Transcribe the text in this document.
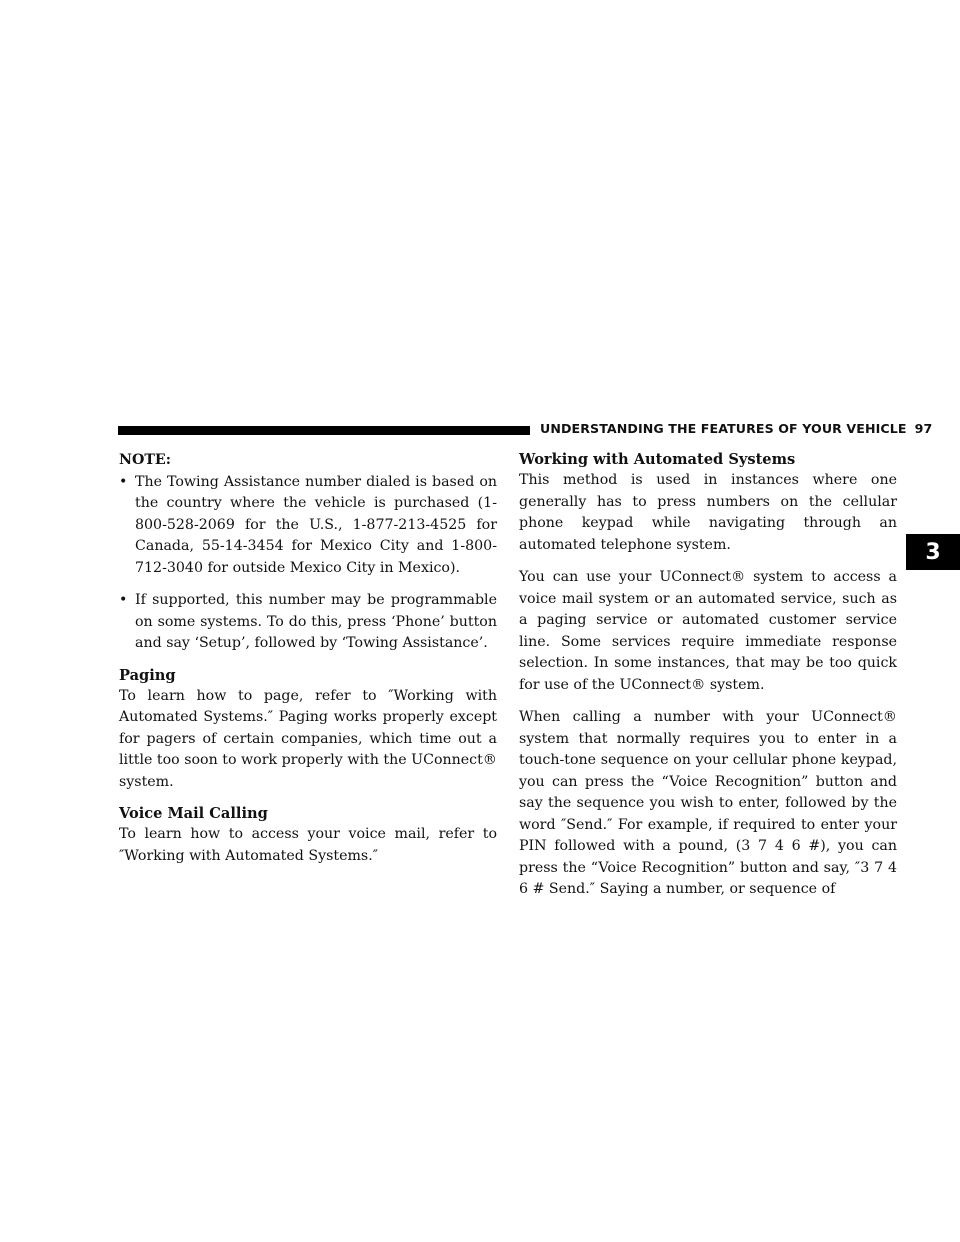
UNDERSTANDING THE FEATURES OF YOUR VEHICLE 97
3

NOTE:

• The Towing Assistance number dialed is based on the country where the vehicle is purchased (1-800-528-2069 for the U.S., 1-877-213-4525 for Canada, 55-14-3454 for Mexico City and 1-800-712-3040 for outside Mexico City in Mexico).
• If supported, this number may be programmable on some systems. To do this, press ‘Phone’ button and say ‘Setup’, followed by ‘Towing Assistance’.
Paging

To learn how to page, refer to ″Working with Automated Systems.″ Paging works properly except for pagers of certain companies, which time out a little too soon to work properly with the UConnect® system.

Voice Mail Calling

To learn how to access your voice mail, refer to ″Working with Automated Systems.″

Working with Automated Systems

This method is used in instances where one generally has to press numbers on the cellular phone keypad while navigating through an automated telephone system.

You can use your UConnect® system to access a voice mail system or an automated service, such as a paging service or automated customer service line. Some services require immediate response selection. In some instances, that may be too quick for use of the UConnect® system.

When calling a number with your UConnect® system that normally requires you to enter in a touch-tone sequence on your cellular phone keypad, you can press the “Voice Recognition” button and say the sequence you wish to enter, followed by the word ″Send.″ For example, if required to enter your PIN followed with a pound, (3 7 4 6 #), you can press the “Voice Recognition” button and say, ″3 7 4 6 # Send.″ Saying a number, or sequence of
